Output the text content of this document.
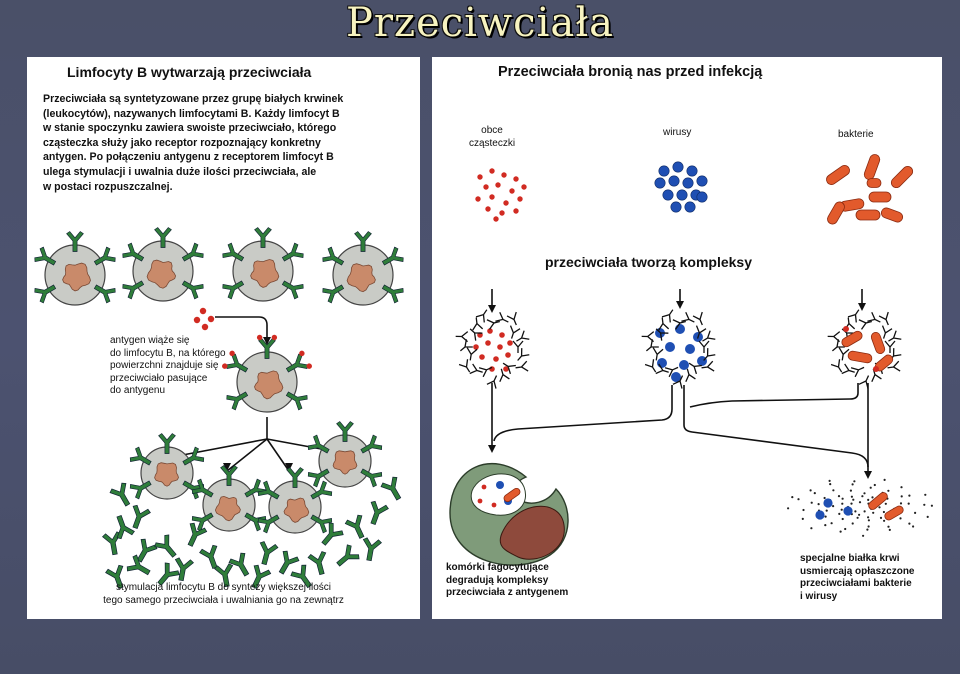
Przeciwciała
Limfocyty B wytwarzają przeciwciała
Przeciwciała są syntetyzowane przez grupę białych krwinek
(leukocytów), nazywanych limfocytami B. Każdy limfocyt B
w stanie spoczynku zawiera swoiste przeciwciało, którego
cząsteczka służy jako receptor rozpoznający konkretny
antygen. Po połączeniu antygenu z receptorem limfocyt B
ulega stymulacji i uwalnia duże ilości przeciwciała, ale
w postaci rozpuszczalnej.
antygen wiąże się
do limfocytu B, na którego
powierzchni znajduje się
przeciwciało pasujące
do antygenu
stymulacja limfocytu B do syntezy większej ilości
tego samego przeciwciała i uwalniania go na zewnątrz
Przeciwciała bronią nas przed infekcją
obce
cząsteczki
wirusy	bakterie
przeciwciała tworzą kompleksy
komórki fagocytujące
degradują kompleksy
przeciwciała z antygenem
specjalne białka krwi
usmiercają opłaszczone
przeciwciałami bakterie
i wirusy
